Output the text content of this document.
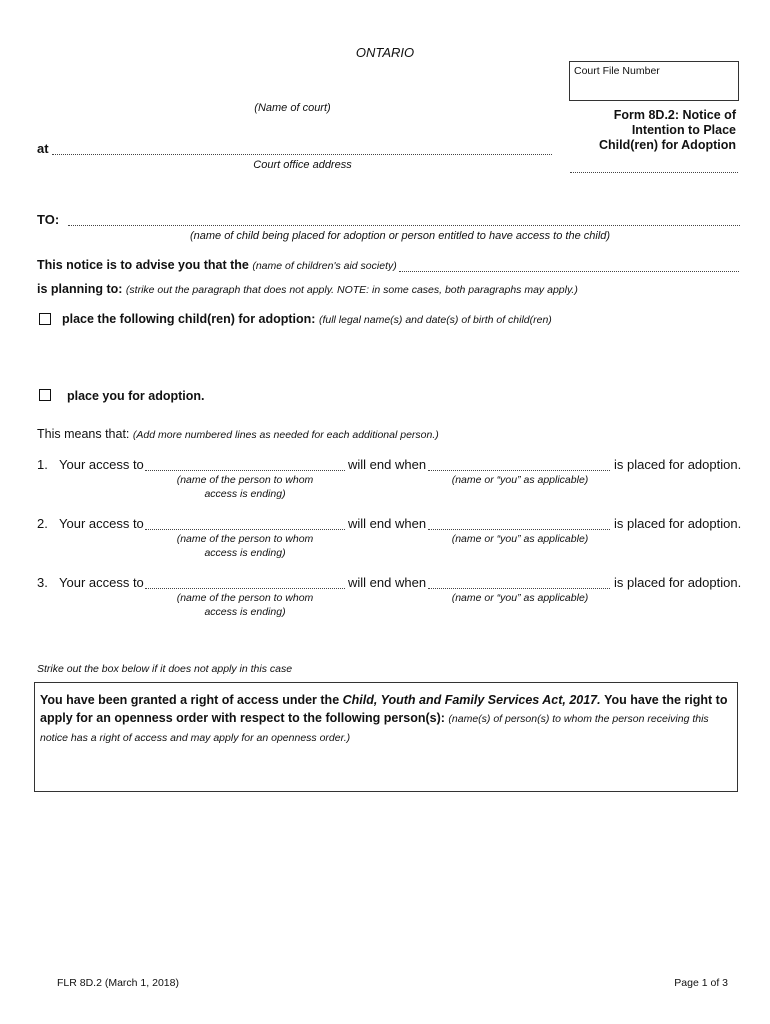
ONTARIO
(Name of court)
at
Court office address
Court File Number
Form 8D.2: Notice of Intention to Place Child(ren) for Adoption
TO:
(name of child being placed for adoption or person entitled to have access to the child)
This notice is to advise you that the (name of children's aid society)
is planning to: (strike out the paragraph that does not apply. NOTE: in some cases, both paragraphs may apply.)
place the following child(ren) for adoption: (full legal name(s) and date(s) of birth of child(ren)
place you for adoption.
This means that: (Add more numbered lines as needed for each additional person.)
1. Your access to	will end when	is placed for adoption.
(name of the person to whom access is ending)
(name or “you” as applicable)
2. Your access to	will end when	is placed for adoption.
(name of the person to whom access is ending)
(name or “you” as applicable)
3. Your access to	will end when	is placed for adoption.
(name of the person to whom access is ending)
(name or “you” as applicable)
Strike out the box below if it does not apply in this case
You have been granted a right of access under the Child, Youth and Family Services Act, 2017. You have the right to apply for an openness order with respect to the following person(s): (name(s) of person(s) to whom the person receiving this notice has a right of access and may apply for an openness order.)
FLR 8D.2 (March 1, 2018)	Page 1 of 3
